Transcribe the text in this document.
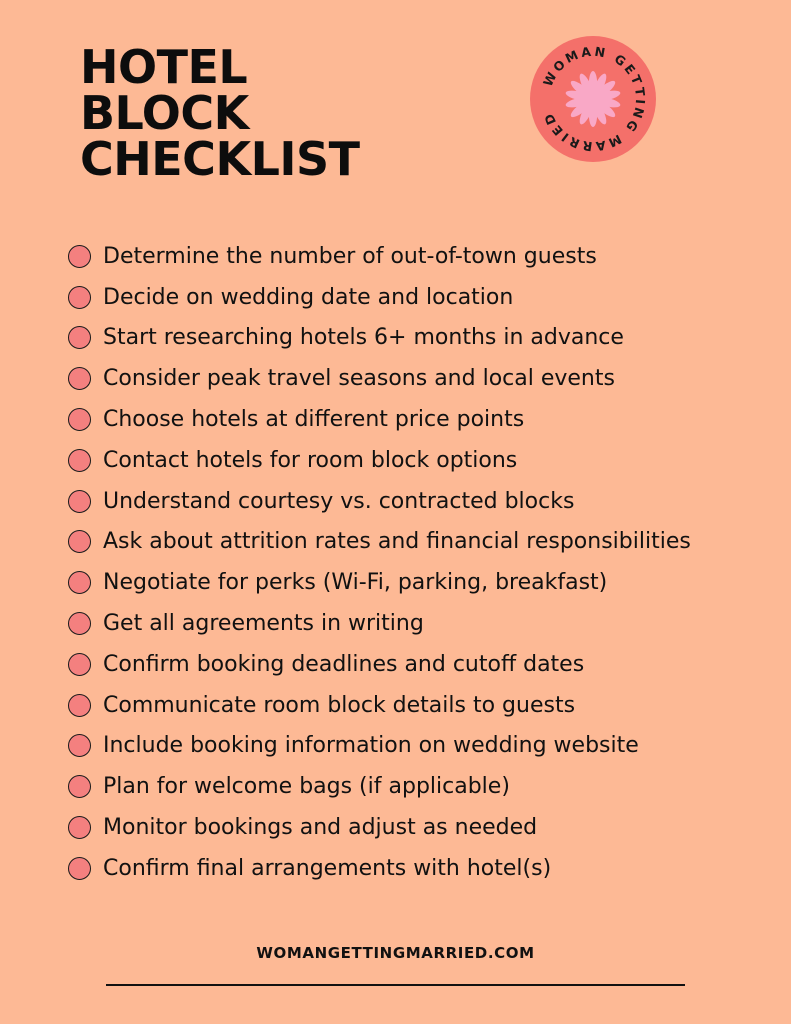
HOTEL
BLOCK
CHECKLIST
WOMAN GETTING MARRIED
Determine the number of out-of-town guests
Decide on wedding date and location
Start researching hotels 6+ months in advance
Consider peak travel seasons and local events
Choose hotels at different price points
Contact hotels for room block options
Understand courtesy vs. contracted blocks
Ask about attrition rates and financial responsibilities
Negotiate for perks (Wi-Fi, parking, breakfast)
Get all agreements in writing
Confirm booking deadlines and cutoff dates
Communicate room block details to guests
Include booking information on wedding website
Plan for welcome bags (if applicable)
Monitor bookings and adjust as needed
Confirm final arrangements with hotel(s)
WOMANGETTINGMARRIED.COM
